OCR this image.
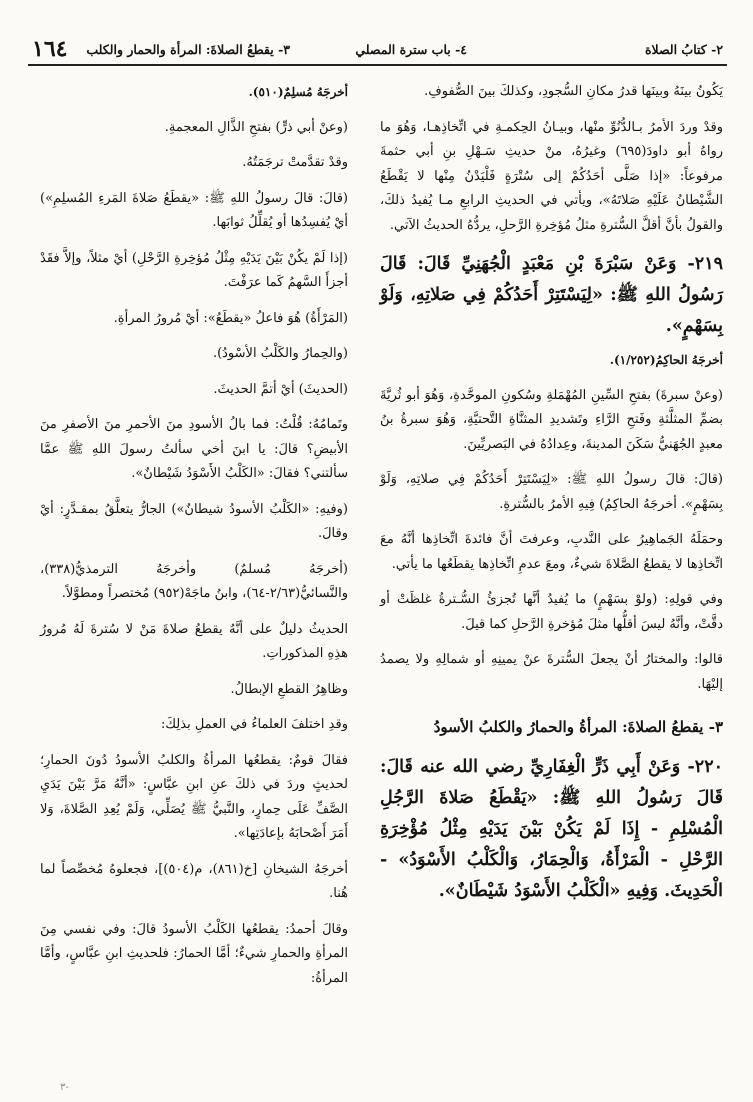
٢- كتابُ الصلاة
٤- باب سترة المصلي
٣- يقطعُ الصلاةَ: المرأة والحمار والكلب
١٦٤

يَكُونُ بينَهُ وبينَها قدرُ مكانِ السُّجودِ، وكذلكَ بينَ الصُّفوفِ.

وقدْ وردَ الأمرُ بـالدُّنُوِّ منْها، وبيـانُ الحِكمـةِ في اتِّخاذِهـا، وَهُوَ ما رواهُ أبو داودَ(٦٩٥) وغيرُهُ، منْ حديثِ سَـهْلِ بنِ أبي حثمةَ مرفوعاً: «إذا صَلَّى أحَدُكُمْ إلى سُتْرَةٍ فَلْيَدْنُ مِنْها لا يَقْطَعُ الشَّيْطانُ عَلَيْهِ صَلاتَهُ»، ويأتي في الحديثِ الرابعِ مـا يُفيدُ ذلكَ، والقولُ بأنَّ أقلَّ السُّترةِ مثلُ مُؤخِرةِ الرَّحلِ، يردُّهُ الحديثُ الآتي.

٢١٩- وَعَنْ سَبْرَةَ بْنِ مَعْبَدٍ الْجُهَنِيِّ قَالَ: قَالَ رَسُولُ اللهِ ﷺ: «لِيَسْتَتِرْ أَحَدُكُمْ فِي صَلاتِهِ، وَلَوْ بِسَهْمٍ».

أخرجَهُ الحاكِمُ(١/٢٥٢).

(وعنْ سبرةَ) بفتحِ السِّينِ المُهْمَلةِ وسُكونِ الموحَّدةِ، وَهُوَ أبو ثُريَّةَ بضمِّ المثلَّثةِ وفَتحِ الرَّاءِ وتَشديدِ المثنَّاةِ التَّحتيَّةِ، وَهُوَ سبرةُ بنُ معبدٍ الجُهَنيُّ سَكَنَ المدينةَ، وعِدادُهُ في البَصريِّينَ.

(قالَ: قالَ رسولُ اللهِ ﷺ: «لِيَسْتَتِرْ أَحَدُكُمْ فِي صلاتِهِ، وَلَوْ بِسَهْمٍ». أخرجَهُ الحاكِمُ) فِيهِ الأمرُ بالسُّترةِ.

وحمَلَهُ الجَماهِيرُ على النَّدبِ، وعرفتَ أنَّ فائدةَ اتِّخاذِها أنَّهُ معَ اتِّخاذِها لا يقطعُ الصَّلاةَ شيءٌ، ومعَ عدمِ اتِّخاذِها يقطَعُها ما يأتي.

وفي قولِهِ: (ولوْ بسَهْمٍ) ما يُفيدُ أنَّها تُجزئُ السُّـترةُ غلظَتْ أو دقَّتْ، وأنَّهُ ليسَ أقلُّها مثلَ مُؤخرةِ الرَّحلِ كما قيلَ.

قالوا: والمختارُ أنْ يجعلَ السُّترةَ عنْ يمينِهِ أو شمالِهِ ولا يصمدُ إليْهَا.

٣- يقطعُ الصلاةَ: المرأةُ والحمارُ والكلبُ الأسودُ

٢٢٠- وَعَنْ أَبِي ذَرٍّ الْغِفَارِيِّ رضي الله عنه قَالَ: قَالَ رَسُولُ اللهِ ﷺ: «يَقْطَعُ صَلاةَ الرَّجُلِ الْمُسْلِمِ - إِذَا لَمْ يَكُنْ بَيْنَ يَدَيْهِ مِثْلُ مُؤْخِرَةِ الرَّحْلِ - الْمَرْأَةُ، وَالْحِمَارُ، وَالْكَلْبُ الأَسْوَدُ» - الْحَدِيثَ. وَفِيهِ «الْكَلْبُ الأَسْوَدُ شَيْطَانٌ».

أخرجَهُ مُسلِمٌ(٥١٠).

(وعنْ أبي ذرٍّ) بفتحِ الذَّالِ المعجمةِ.

وقدْ تقدَّمتْ ترجَمَتُهُ.

(قالَ: قالَ رسولُ اللهِ ﷺ: «يقطَعُ صَلاةَ المَرءِ المُسلِمِ») أيْ يُفسِدُها أو يُقلِّلُ ثوابَها.

(إذا لَمْ يكُنْ بَيْنَ يَدَيْهِ مِثْلُ مُؤخِرةِ الرَّحْلِ) أيْ مثلاً، وإلاَّ فقَدْ أجزأَ السَّهمُ كَما عرَفْتَ.

(المَرْأَةُ) هُوَ فاعلُ «يقطَعُ»: أيْ مُرورُ المرأةِ.

(والحِمارُ والكَلْبُ الأسْودُ).

(الحديثَ) أيْ أتمَّ الحديثَ.

وتَمامُهُ: قُلْتُ: فما بالُ الأسودِ منَ الأحمرِ منَ الأصفرِ منَ الأبيضِ؟ قالَ: يا ابنَ أخي سألتُ رسولَ اللهِ ﷺ عمَّا سألتني؟ فقالَ: «الكَلْبُ الأَسْوَدُ شَيْطانٌ».

(وفيهِ: «الكَلْبُ الأسودُ شيطانٌ») الجارُّ يتعلَّقُ بمقـدَّرٍ: أيْ وقالَ.

(أخرجَهُ مُسلمٌ) وأخرجَهُ الترمذيُّ(٣٣٨)، والنَّسائيُّ(٢/٦٣-٦٤)، وابنُ ماجَهْ(٩٥٢) مُختصراً ومطوَّلاً.

الحديثُ دليلٌ على أنَّهُ يقطعُ صلاةَ مَنْ لا سُترةَ لَهُ مُرورُ هذِهِ المذكوراتِ.

وظاهِرُ القطعِ الإبطالُ.

وقدِ اختلفَ العلماءُ في العملِ بذلِكَ:

فقالَ قومٌ: يقطعُها المرأةُ والكلبُ الأسودُ دُونَ الحمارِ؛ لحديثٍ وردَ في ذلكَ عنِ ابنِ عبَّاسٍ: «أنَّهُ مَرَّ بَيْنَ يَدَيِ الصَّفِّ عَلَى حِمارٍ، والنَّبيُّ ﷺ يُصَلِّي، وَلَمْ يُعِدِ الصَّلاةَ، وَلا أَمَرَ أَصْحابَهُ بإعادَتِها».

أخرجَهُ الشيخانِ [خ(٨٦١)، م(٥٠٤)]، فجعلوهُ مُخصِّصاً لما هُنا.

وقالَ أحمدُ: يقطعُها الكَلْبُ الأسودُ قالَ: وفي نفسي مِنَ المرأةِ والحمارِ شيءٌ؛ أمَّا الحمارُ: فلحديثِ ابنِ عبَّاسٍ، وأمَّا المرأةُ:

٣-
